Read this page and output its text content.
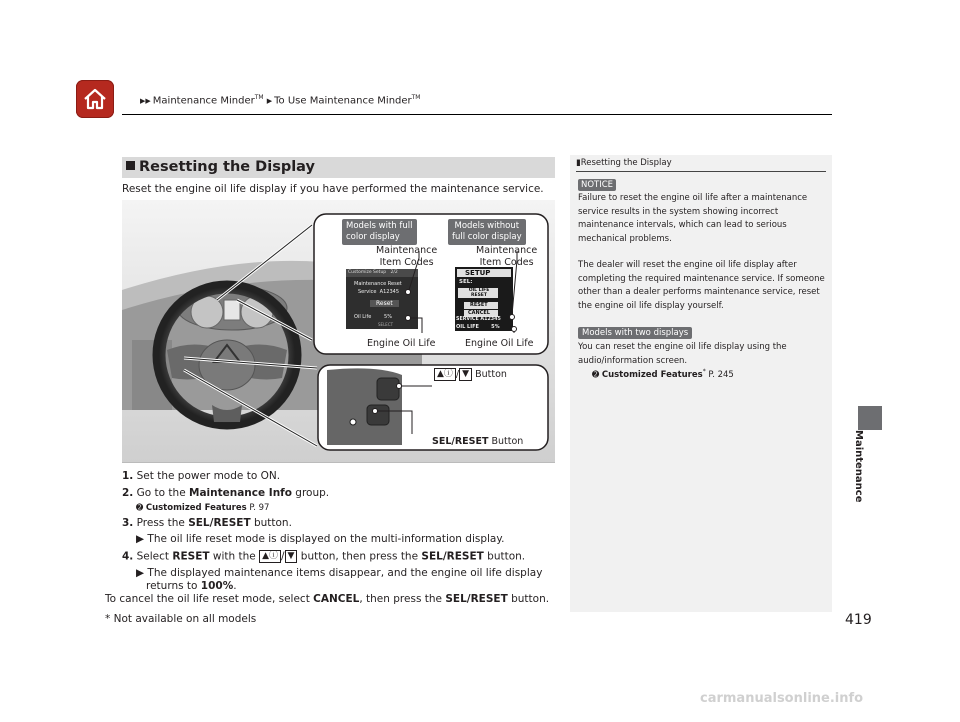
▶▶ Maintenance Minder™ ▶ To Use Maintenance Minder™
Resetting the Display
Reset the engine oil life display if you have performed the maintenance service.
Models with full
color display
Models without
full color display
Maintenance
Item Codes
Maintenance
Item Codes
Engine Oil Life	Engine Oil Life
Customize Setup 2/2
Maintenance Reset
Service A12345
Reset
Oil Life	5%
SELECT
SETUP
SEL:
OIL LIFE
RESET
RESET
CANCEL
SERVICE A12345
OIL LIFE 5%
▲ⓘ / ▼ Button
SEL/RESET Button
1. Set the power mode to ON.
2. Go to the Maintenance Info group.
➋ Customized Features P. 97
3. Press the SEL/RESET button.
▶ The oil life reset mode is displayed on the multi-information display.
4. Select RESET with the ▲ⓘ / ▼ button, then press the SEL/RESET button.
▶ The displayed maintenance items disappear, and the engine oil life display
returns to 100%.
To cancel the oil life reset mode, select CANCEL, then press the SEL/RESET button.
▮Resetting the Display
NOTICE
Failure to reset the engine oil life after a maintenance service results in the system showing incorrect maintenance intervals, which can lead to serious mechanical problems.
The dealer will reset the engine oil life display after completing the required maintenance service. If someone other than a dealer performs maintenance service, reset the engine oil life display yourself.
Models with two displays
You can reset the engine oil life display using the audio/information screen.
➋ Customized Features* P. 245
Maintenance
419
* Not available on all models
carmanualsonline.info
